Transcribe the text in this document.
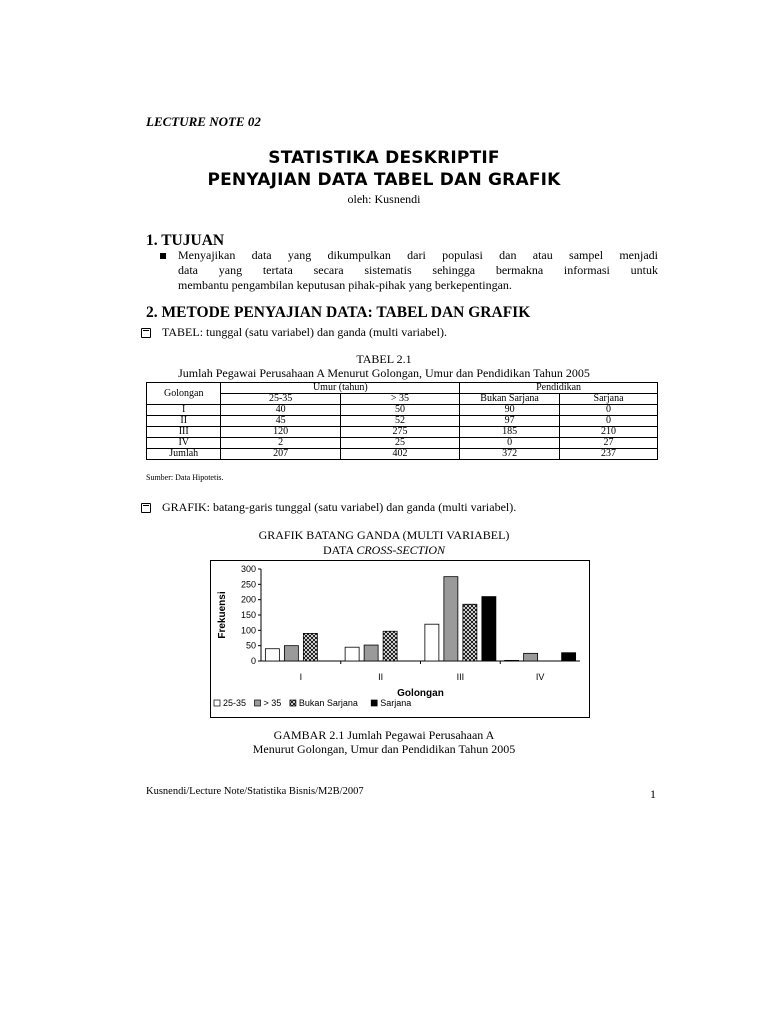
LECTURE NOTE 02
STATISTIKA DESKRIPTIF
PENYAJIAN DATA TABEL DAN GRAFIK
oleh: Kusnendi
1. TUJUAN
Menyajikan data yang dikumpulkan dari populasi dan atau sampel menjadi
data yang tertata secara sistematis sehingga bermakna informasi untuk
membantu pengambilan keputusan pihak-pihak yang berkepentingan.
2. METODE PENYAJIAN DATA: TABEL DAN GRAFIK
TABEL: tunggal (satu variabel) dan ganda (multi variabel).
TABEL 2.1
Jumlah Pegawai Perusahaan A Menurut Golongan, Umur dan Pendidikan Tahun 2005
Golongan	Umur (tahun)		Pendidikan	
	25-35	> 35	Bukan Sarjana	Sarjana
I	40	50	90	0
II	45	52	97	0
III	120	275	185	210
IV	2	25	0	27
Jumlah	207	402	372	237
Sumber: Data Hipotetis.
GRAFIK: batang-garis tunggal (satu variabel) dan ganda (multi variabel).
GRAFIK BATANG GANDA (MULTI VARIABEL)
DATA CROSS-SECTION
0
50
100
150
200
250
300
Frekuensi
I	II	III	IV
Golongan
25-35 > 35 Bukan Sarjana Sarjana
GAMBAR 2.1 Jumlah Pegawai Perusahaan A
Menurut Golongan, Umur dan Pendidikan Tahun 2005
Kusnendi/Lecture Note/Statistika Bisnis/M2B/2007	1
